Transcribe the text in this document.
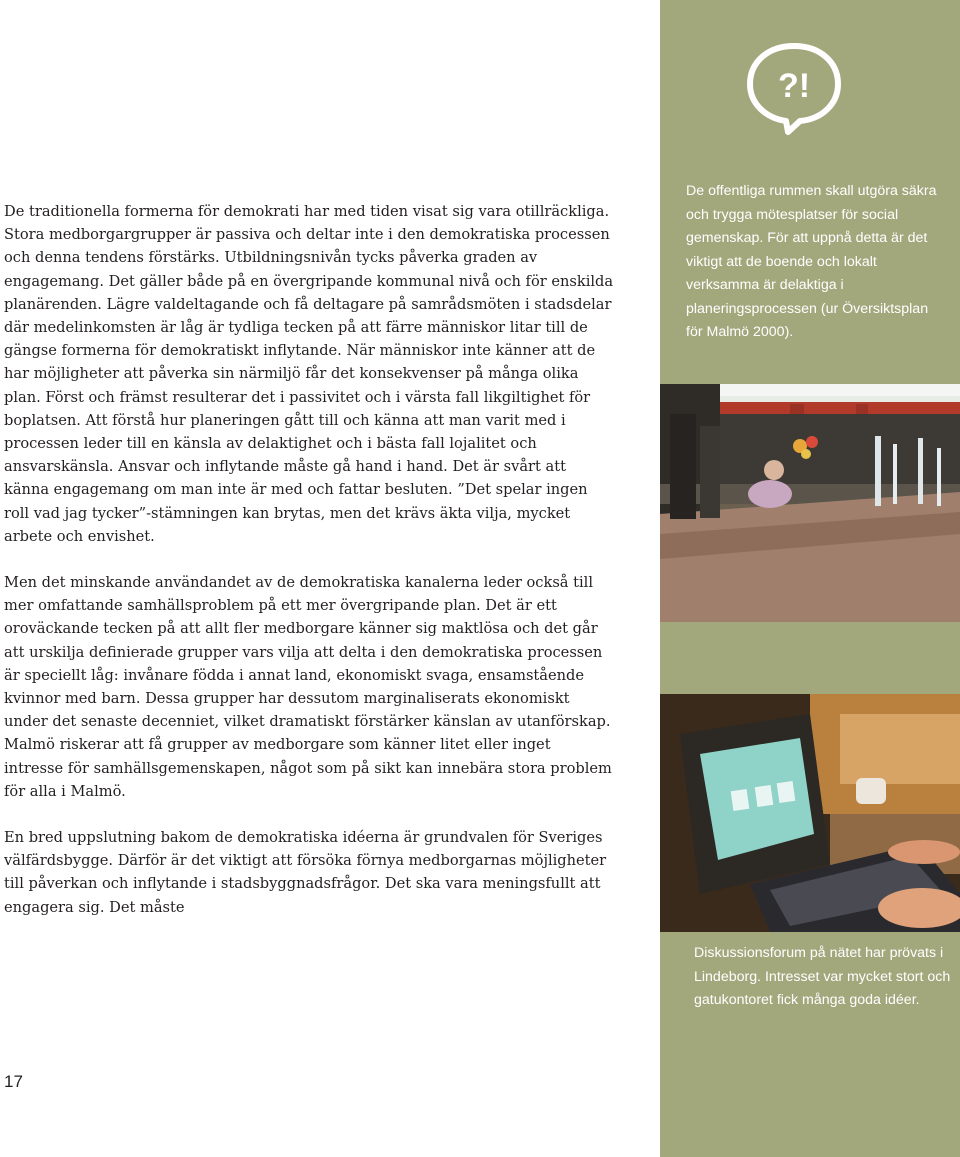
De traditionella formerna för demokrati har med tiden visat sig vara otillräckliga. Stora medborgargrupper är passiva och deltar inte i den demokratiska processen och denna tendens förstärks. Utbildningsnivån tycks påverka graden av engagemang. Det gäller både på en övergripande kommunal nivå och för enskilda planärenden. Lägre valdeltagande och få deltagare på samrådsmöten i stadsdelar där medelinkomsten är låg är tydliga tecken på att färre människor litar till de gängse formerna för demokratiskt inflytande. När människor inte känner att de har möjligheter att påverka sin närmiljö får det konsekvenser på många olika plan. Först och främst resulterar det i passivitet och i värsta fall likgiltighet för boplatsen. Att förstå hur planeringen gått till och känna att man varit med i processen leder till en känsla av delaktighet och i bästa fall lojalitet och ansvarskänsla. Ansvar och inflytande måste gå hand i hand. Det är svårt att känna engagemang om man inte är med och fattar besluten. ”Det spelar ingen roll vad jag tycker”-stämningen kan brytas, men det krävs äkta vilja, mycket arbete och envishet.

Men det minskande användandet av de demokratiska kanalerna leder också till mer omfattande samhällsproblem på ett mer övergripande plan. Det är ett oroväckande tecken på att allt fler medborgare känner sig maktlösa och det går att urskilja definierade grupper vars vilja att delta i den demokratiska processen är speciellt låg: invånare födda i annat land, ekonomiskt svaga, ensamstående kvinnor med barn. Dessa grupper har dessutom marginaliserats ekonomiskt under det senaste decenniet, vilket dramatiskt förstärker känslan av utanförskap. Malmö riskerar att få grupper av medborgare som känner litet eller inget intresse för samhällsgemenskapen, något som på sikt kan innebära stora problem för alla i Malmö.

En bred uppslutning bakom de demokratiska idéerna är grundvalen för Sveriges välfärdsbygge. Därför är det viktigt att försöka förnya medborgarnas möjligheter till påverkan och inflytande i stadsbyggnadsfrågor. Det ska vara meningsfullt att engagera sig. Det måste

17
?!

De offentliga rummen skall utgöra säkra och trygga mötesplatser för social gemenskap. För att uppnå detta är det viktigt att de boende och lokalt verksamma är delaktiga i planeringsprocessen (ur Översiktsplan för Malmö 2000).

Diskussionsforum på nätet har prövats i Lindeborg. Intresset var mycket stort och gatukontoret fick många goda idéer.
